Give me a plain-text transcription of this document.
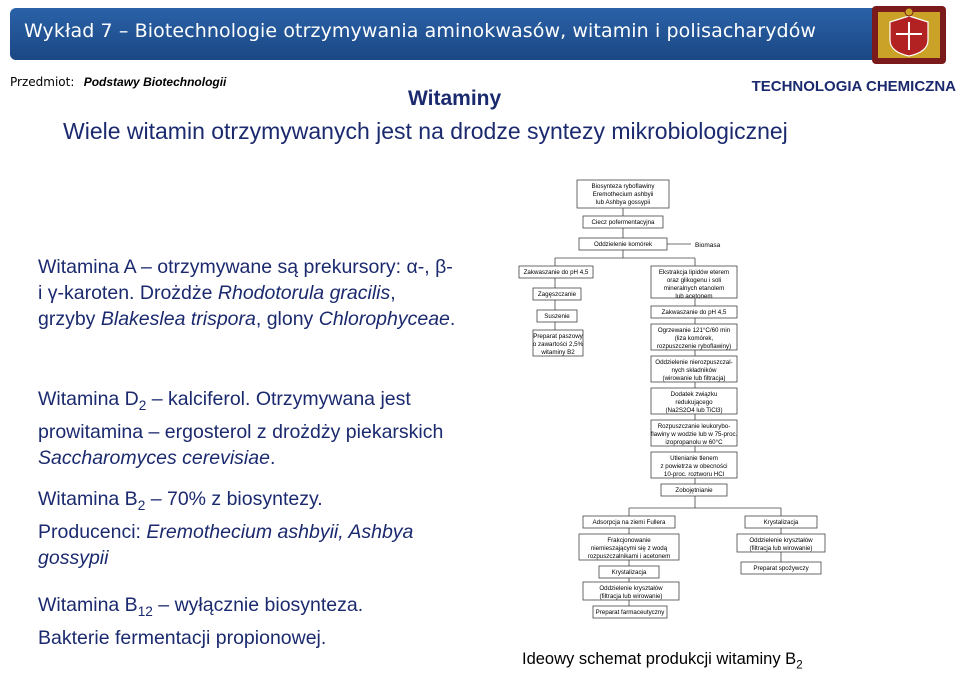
Wykład 7 – Biotechnologie otrzymywania aminokwasów, witamin i polisacharydów
Przedmiot: Podstawy Biotechnologii	TECHNOLOGIA CHEMICZNA
Witaminy
Wiele witamin otrzymywanych jest na drodze syntezy mikrobiologicznej
Witamina A – otrzymywane są prekursory: α-, β- i γ-karoten. Drożdże Rhodotorula gracilis, grzyby Blakeslea trispora, glony Chlorophyceae.
Witamina $D_2$ – kalciferol. Otrzymywana jest prowitamina – ergosterol z drożdży piekarskich Saccharomyces cerevisiae.
Witamina $B_2 - 70\%$ z biosyntezy.
Producenci: Eremothecium ashbyii, Ashbya gossypii
Witamina $B_{12}$ – wyłącznie biosynteza.
Bakterie fermentacji propionowej.
Biosynteza ryboflawiny
Eremothecium ashbyii
lub Ashbya gossypii
Ciecz pofermentacyjna
Oddzielenie komórek
Zakwaszanie do pH 4,5	Ekstrakcja lipidów eterem
oraz glikogenu i soli
mineralnych etanolem
lub acetonem
Zagęszczanie
Zakwaszanie do pH 4,5
Suszenie
Ogrzewanie 121°C/60 min
(liza komórek,
rozpuszczenie ryboflawiny)
Preparat paszowy
o zawartości 2,5%
witaminy B2
Oddzielenie nierozpuszczal-
nych składników
(wirowanie lub filtracja)
Dodatek związku
redukującego
(Na2S2O4 lub TiCl3)
Rozpuszczanie leukorybo-
flawiny w wodzie lub w 75-proc.
izopropanolu w 60°C
Utlenianie tlenem
z powietrza w obecności
10-proc. roztworu HCl
Zobojętnianie
Adsorpcja na ziemi Fullera	Krystalizacja
Frakcjonowanie
niemieszającymi się z wodą
rozpuszczalnikami i acetonem
Oddzielenie kryształów
(filtracja lub wirowanie)
Krystalizacja
Preparat spożywczy
Oddzielenie kryształów
(filtracja lub wirowanie)
Preparat farmaceutyczny
Biomasa
Ideowy schemat produkcji witaminy $B_2$
